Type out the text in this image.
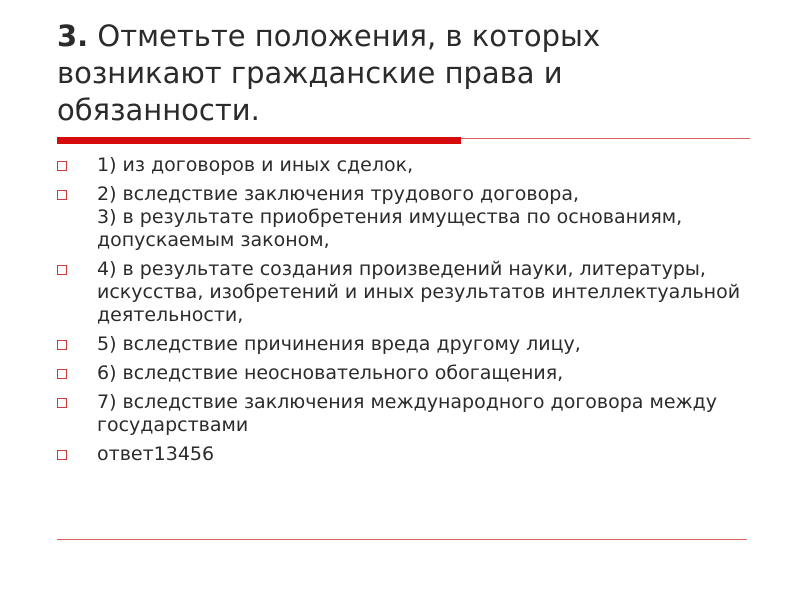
3. Отметьте положения, в которых возникают гражданские права и обязанности.
1) из договоров и иных сделок,
2) вследствие заключения трудового договора,
3) в результате приобретения имущества по основаниям, допускаемым законом,
4) в результате создания произведений науки, литературы, искусства, изобретений и иных результатов интеллектуальной деятельности,
5) вследствие причинения вреда другому лицу,
6) вследствие неосновательного обогащения,
7) вследствие заключения международного договора между государствами
ответ13456
